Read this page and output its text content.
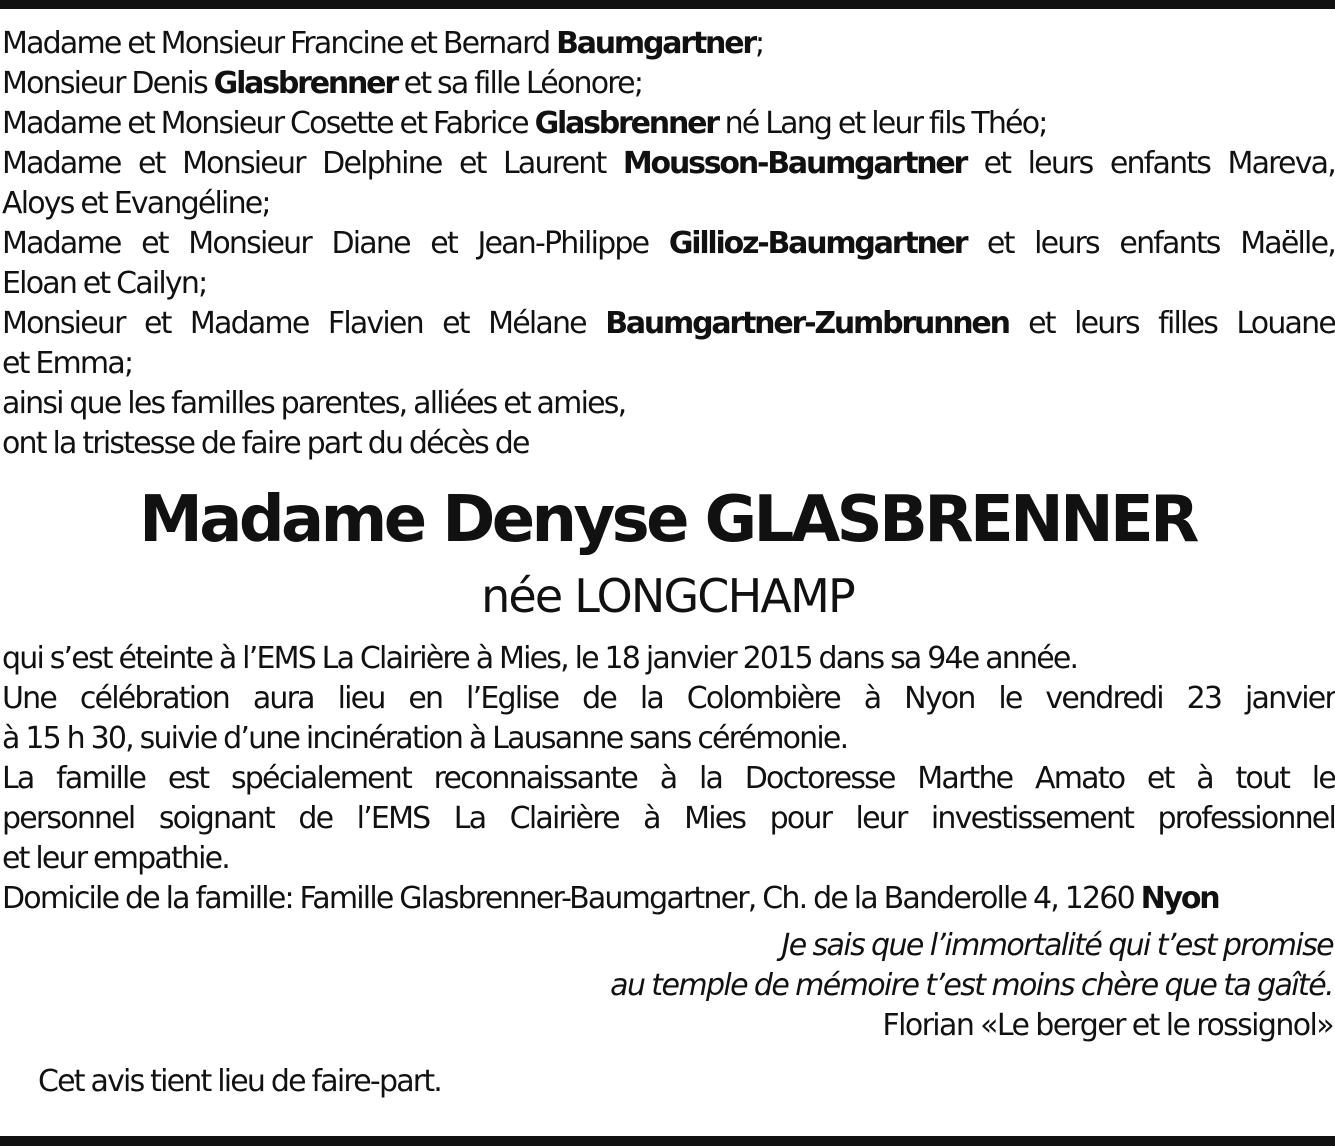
Madame et Monsieur Francine et Bernard Baumgartner;
Monsieur Denis Glasbrenner et sa fille Léonore;
Madame et Monsieur Cosette et Fabrice Glasbrenner né Lang et leur fils Théo;
Madame et Monsieur Delphine et Laurent Mousson-Baumgartner et leurs enfants Mareva,
Aloys et Evangéline;
Madame et Monsieur Diane et Jean-Philippe Gillioz-Baumgartner et leurs enfants Maëlle,
Eloan et Cailyn;
Monsieur et Madame Flavien et Mélane Baumgartner-Zumbrunnen et leurs filles Louane
et Emma;
ainsi que les familles parentes, alliées et amies,
ont la tristesse de faire part du décès de
Madame Denyse GLASBRENNER
née LONGCHAMP
qui s’est éteinte à l’EMS La Clairière à Mies, le 18 janvier 2015 dans sa 94e année.
Une célébration aura lieu en l’Eglise de la Colombière à Nyon le vendredi 23 janvier
à 15 h 30, suivie d’une incinération à Lausanne sans cérémonie.
La famille est spécialement reconnaissante à la Doctoresse Marthe Amato et à tout le
personnel soignant de l’EMS La Clairière à Mies pour leur investissement professionnel
et leur empathie.
Domicile de la famille: Famille Glasbrenner-Baumgartner, Ch. de la Banderolle 4, 1260 Nyon
Je sais que l’immortalité qui t’est promise
au temple de mémoire t’est moins chère que ta gaîté.
Florian «Le berger et le rossignol»
Cet avis tient lieu de faire-part.
